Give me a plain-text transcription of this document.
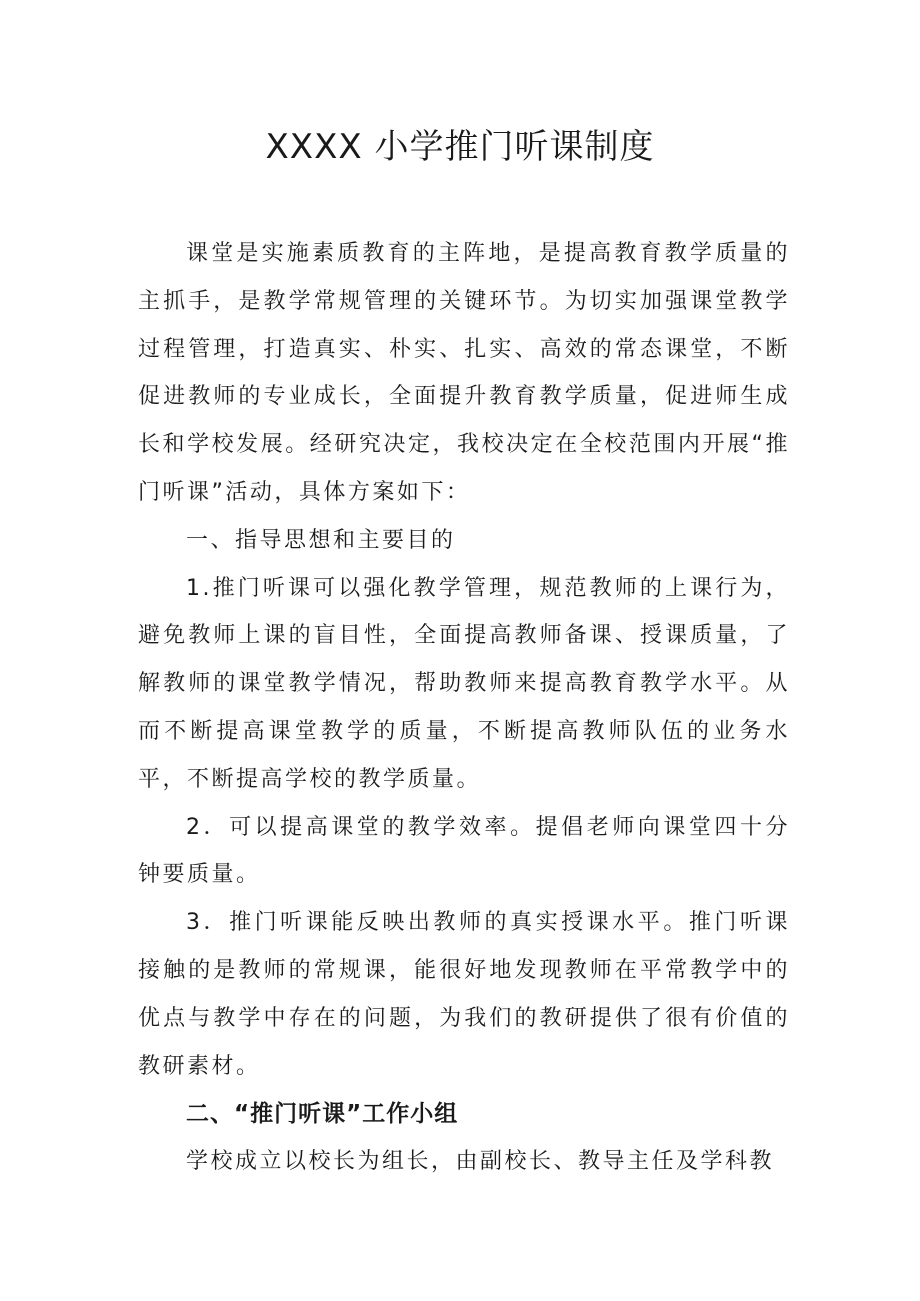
XXXX 小学推门听课制度

课堂是实施素质教育的主阵地，是提高教育教学质量的主抓手，是教学常规管理的关键环节。为切实加强课堂教学过程管理，打造真实、朴实、扎实、高效的常态课堂，不断促进教师的专业成长，全面提升教育教学质量，促进师生成长和学校发展。经研究决定，我校决定在全校范围内开展“推门听课”活动，具体方案如下：

一、指导思想和主要目的

1.推门听课可以强化教学管理，规范教师的上课行为，避免教师上课的盲目性，全面提高教师备课、授课质量，了解教师的课堂教学情况，帮助教师来提高教育教学水平。从而不断提高课堂教学的质量，不断提高教师队伍的业务水平，不断提高学校的教学质量。

2．可以提高课堂的教学效率。提倡老师向课堂四十分钟要质量。

3．推门听课能反映出教师的真实授课水平。推门听课接触的是教师的常规课，能很好地发现教师在平常教学中的优点与教学中存在的问题，为我们的教研提供了很有价值的教研素材。

二、“推门听课”工作小组

学校成立以校长为组长，由副校长、教导主任及学科教
